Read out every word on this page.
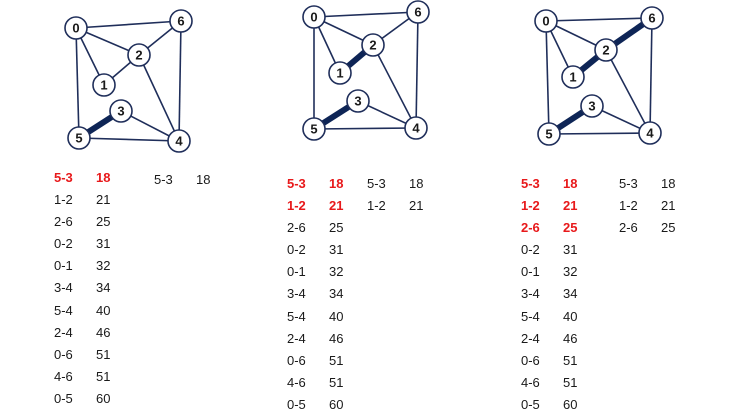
0
1
2
3
4
5
6	0
1
2
3
4
5
6
0
1
2
3
4
5
6
5-3 18
1-2 21
2-6 25
0-2 31
0-1 32
3-4 34
5-4 40
2-4 46
0-6 51
4-6 51
0-5 60
5-3 18	5-3 18
1-2 21
2-6 25
0-2 31
0-1 32
3-4 34
5-4 40
2-4 46
0-6 51
4-6 51
0-5 60
5-3 18
1-2 21
5-3 18
1-2 21
2-6 25
0-2 31
0-1 32
3-4 34
5-4 40
2-4 46
0-6 51
4-6 51
0-5 60
5-3 18
1-2 21
2-6 25
